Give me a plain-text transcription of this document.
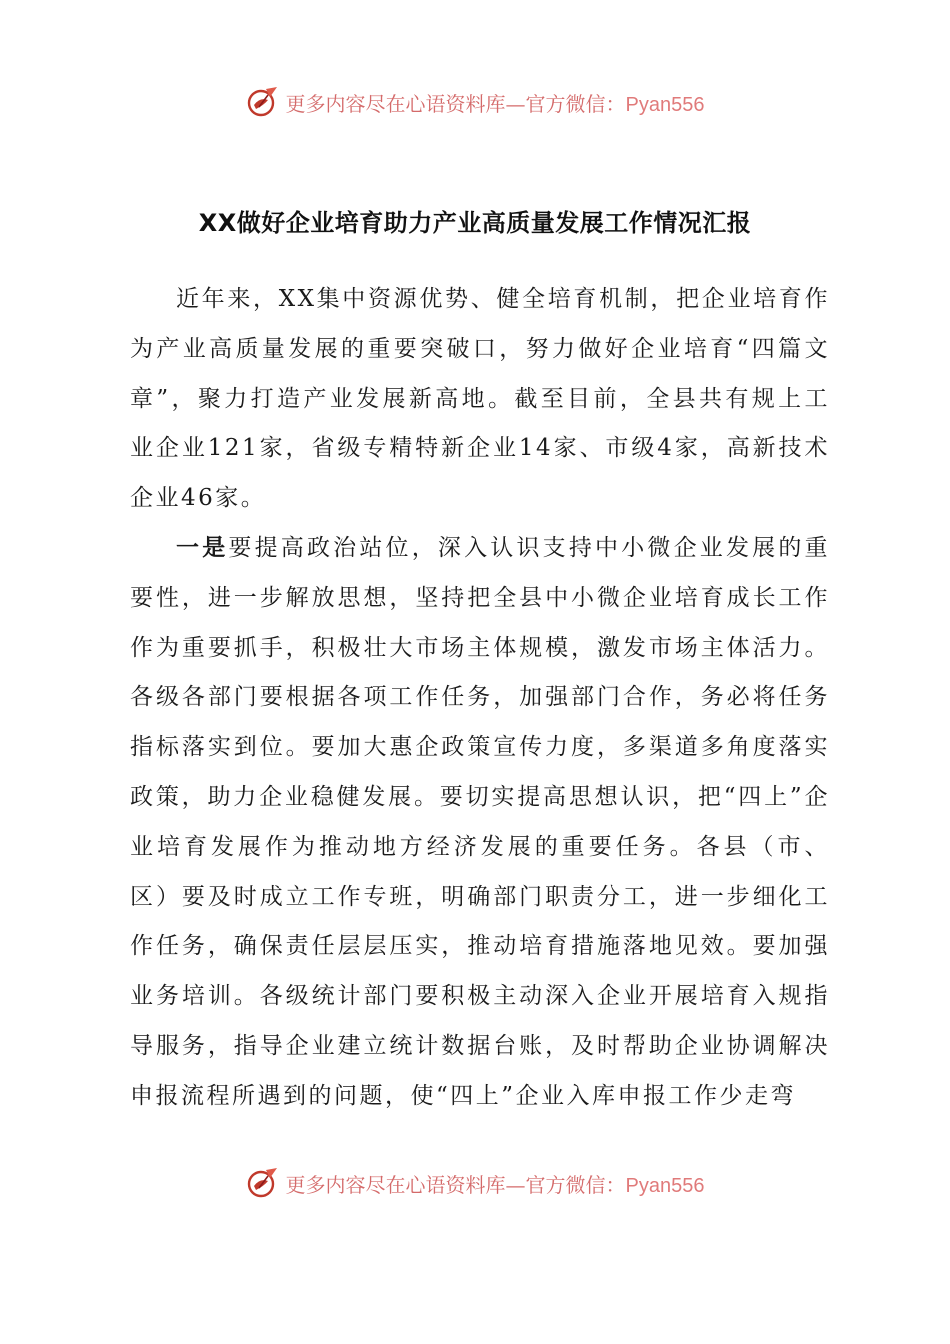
更多内容尽在心语资料库—官方微信：Pyan556
XX做好企业培育助力产业高质量发展工作情况汇报

近年来，XX集中资源优势、健全培育机制，把企业培育作为产业高质量发展的重要突破口，努力做好企业培育“四篇文章”，聚力打造产业发展新高地。截至目前，全县共有规上工业企业121家，省级专精特新企业14家、市级4家，高新技术企业46家。

一是要提高政治站位，深入认识支持中小微企业发展的重要性，进一步解放思想，坚持把全县中小微企业培育成长工作作为重要抓手，积极壮大市场主体规模，激发市场主体活力。各级各部门要根据各项工作任务，加强部门合作，务必将任务指标落实到位。要加大惠企政策宣传力度，多渠道多角度落实政策，助力企业稳健发展。要切实提高思想认识，把“四上”企业培育发展作为推动地方经济发展的重要任务。各县（市、区）要及时成立工作专班，明确部门职责分工，进一步细化工作任务，确保责任层层压实，推动培育措施落地见效。要加强业务培训。各级统计部门要积极主动深入企业开展培育入规指导服务，指导企业建立统计数据台账，及时帮助企业协调解决申报流程所遇到的问题，使“四上”企业入库申报工作少走弯

更多内容尽在心语资料库—官方微信：Pyan556
